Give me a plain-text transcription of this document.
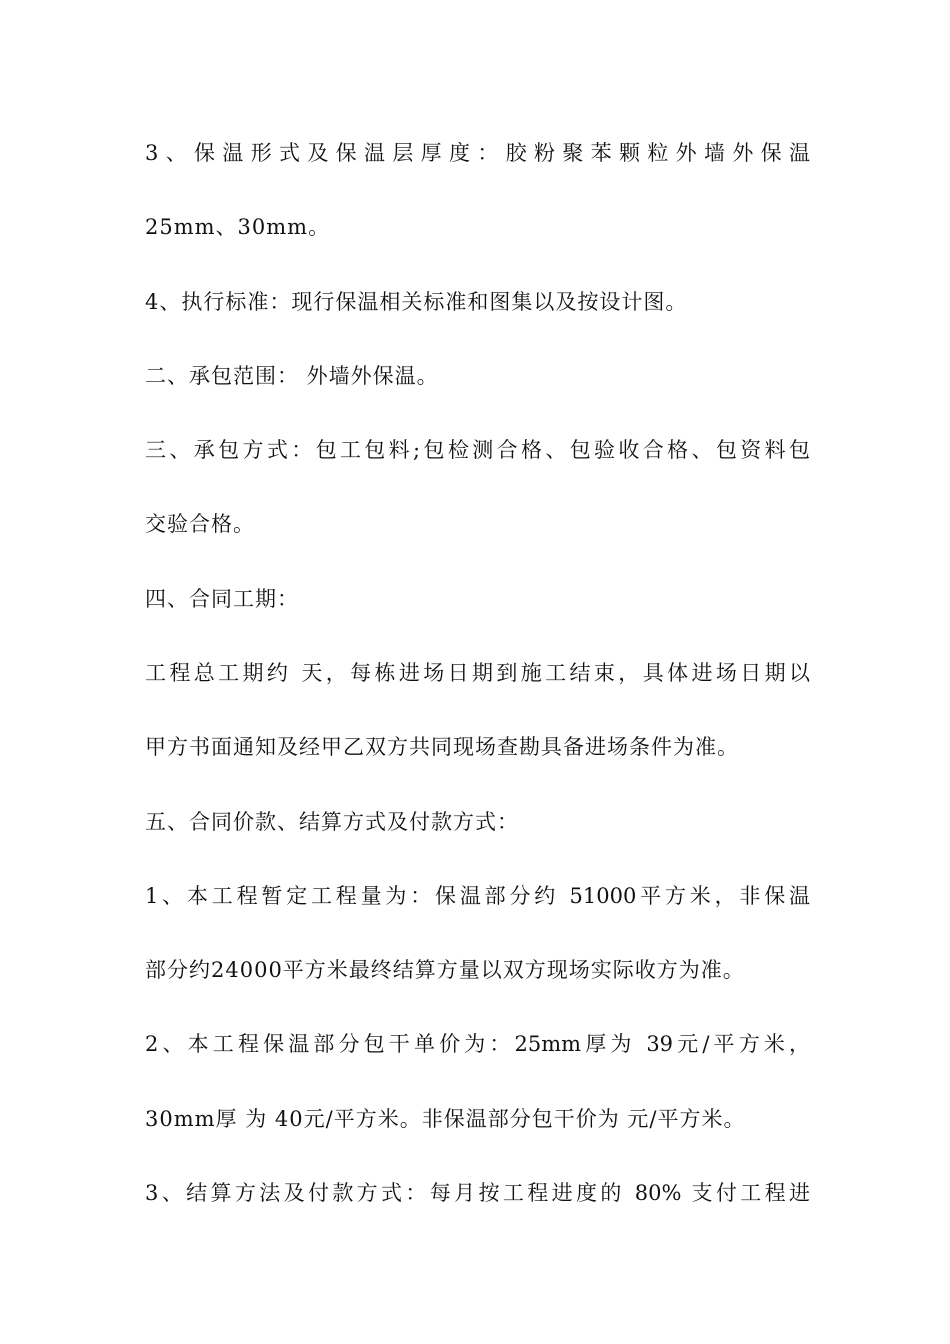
3、保温形式及保温层厚度：胶粉聚苯颗粒外墙外保温
25mm、30mm。
4、执行标准：现行保温相关标准和图集以及按设计图。
二、承包范围： 外墙外保温。
三、承包方式：包工包料;包检测合格、包验收合格、包资料包
交验合格。
四、合同工期：
工程总工期约 天，每栋进场日期到施工结束，具体进场日期以
甲方书面通知及经甲乙双方共同现场查勘具备进场条件为准。
五、合同价款、结算方式及付款方式：
1、本工程暂定工程量为：保温部分约 51000平方米，非保温
部分约24000平方米最终结算方量以双方现场实际收方为准。
2、本工程保温部分包干单价为：25mm厚为 39元/平方米，
30mm厚 为 40元/平方米。非保温部分包干价为 元/平方米。
3、结算方法及付款方式：每月按工程进度的 80% 支付工程进
